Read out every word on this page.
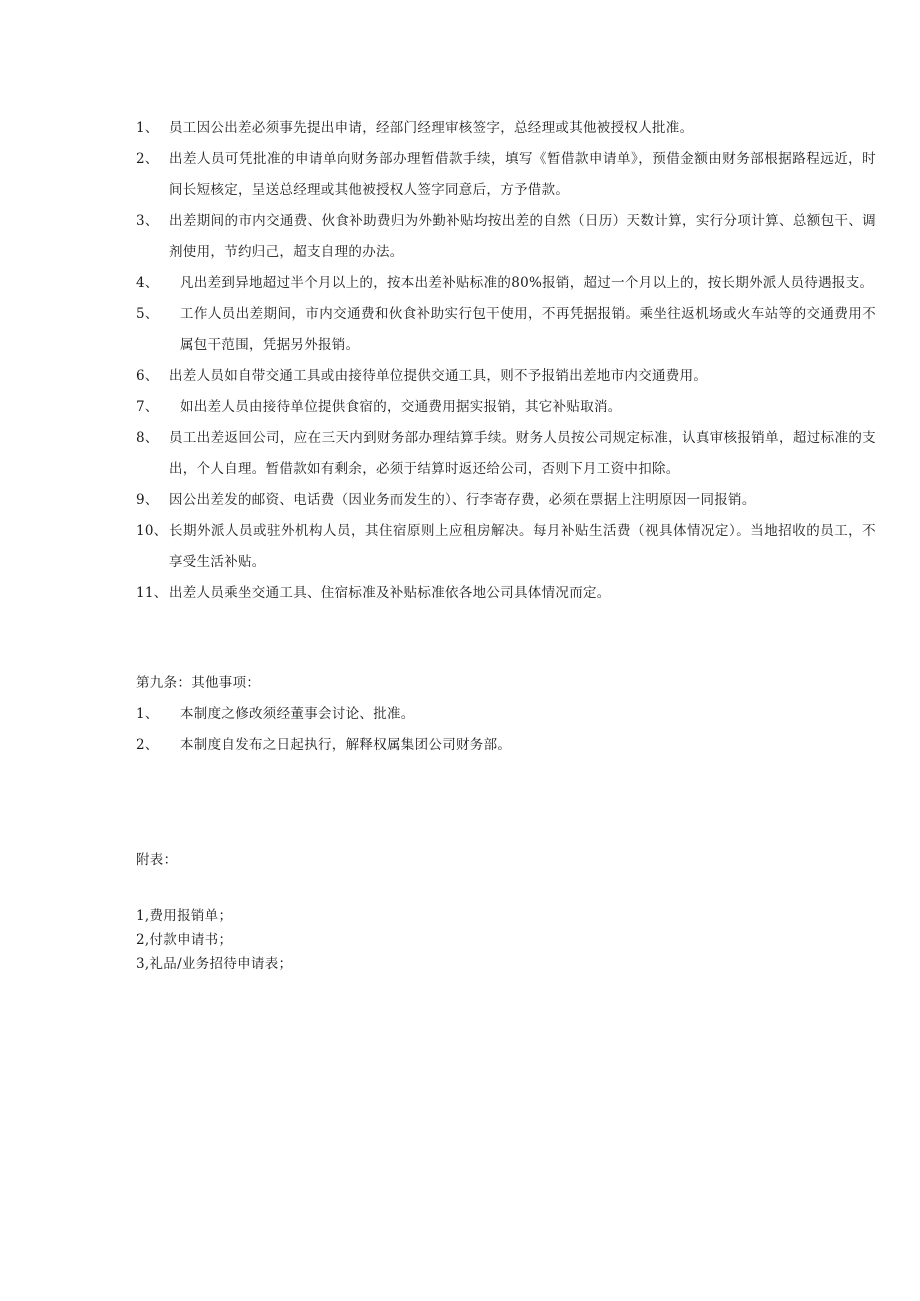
1、 员工因公出差必须事先提出申请，经部门经理审核签字，总经理或其他被授权人批准。
2、 出差人员可凭批准的申请单向财务部办理暂借款手续，填写《暂借款申请单》，预借金额由财务部根据路程远近，时间长短核定，呈送总经理或其他被授权人签字同意后，方予借款。
3、 出差期间的市内交通费、伙食补助费归为外勤补贴均按出差的自然（日历）天数计算，实行分项计算、总额包干、调剂使用，节约归己，超支自理的办法。
4、 凡出差到异地超过半个月以上的，按本出差补贴标准的80%报销，超过一个月以上的，按长期外派人员待遇报支。
5、 工作人员出差期间，市内交通费和伙食补助实行包干使用，不再凭据报销。乘坐往返机场或火车站等的交通费用不属包干范围，凭据另外报销。
6、 出差人员如自带交通工具或由接待单位提供交通工具，则不予报销出差地市内交通费用。
7、 如出差人员由接待单位提供食宿的，交通费用据实报销，其它补贴取消。
8、 员工出差返回公司，应在三天内到财务部办理结算手续。财务人员按公司规定标准，认真审核报销单，超过标准的支出，个人自理。暂借款如有剩余，必须于结算时返还给公司，否则下月工资中扣除。
9、 因公出差发的邮资、电话费（因业务而发生的）、行李寄存费，必须在票据上注明原因一同报销。
10、 长期外派人员或驻外机构人员，其住宿原则上应租房解决。每月补贴生活费（视具体情况定）。当地招收的员工，不享受生活补贴。
11、 出差人员乘坐交通工具、住宿标准及补贴标准依各地公司具体情况而定。
第九条：其他事项：
1、 本制度之修改须经董事会讨论、批准。
2、 本制度自发布之日起执行，解释权属集团公司财务部。
附表：
1,费用报销单；
2,付款申请书；
3,礼品/业务招待申请表；
